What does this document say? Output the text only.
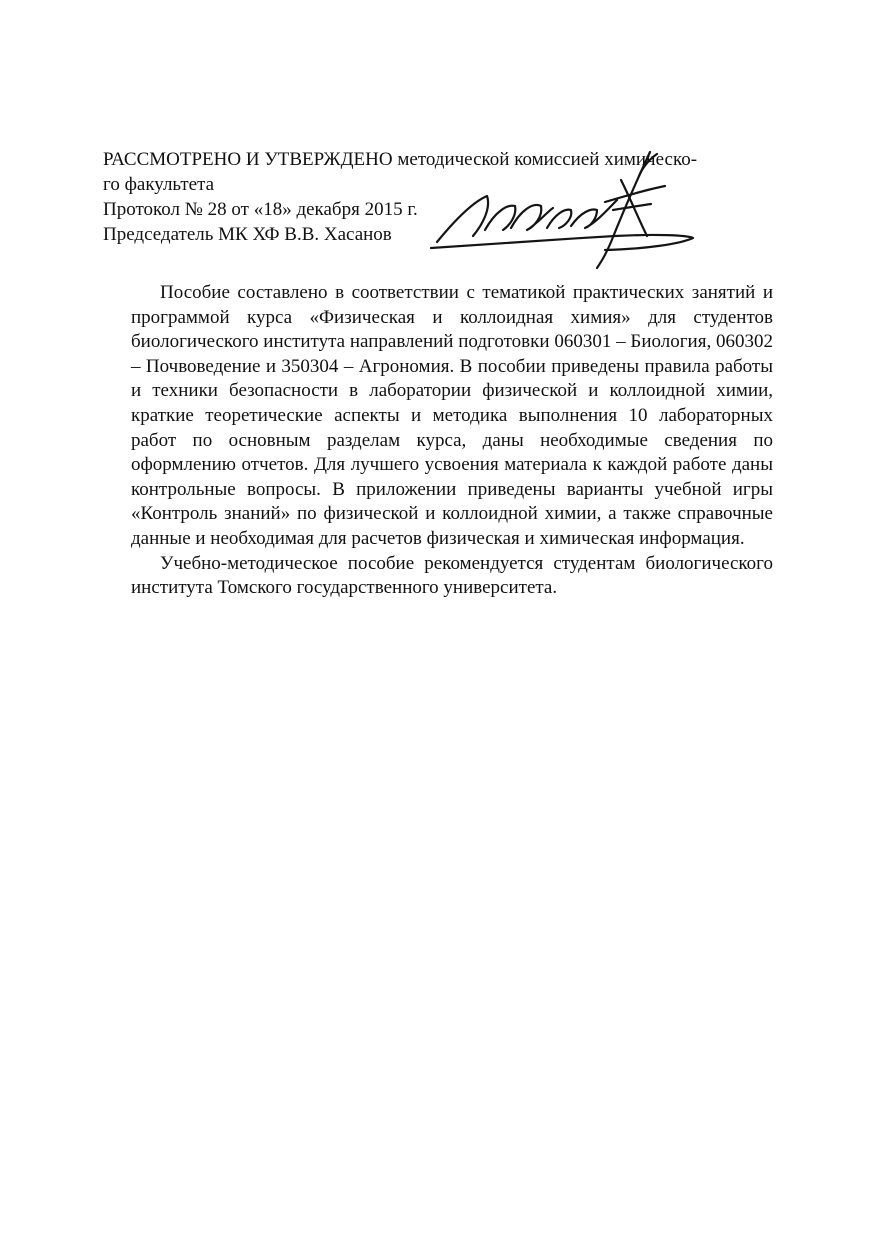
РАССМОТРЕНО И УТВЕРЖДЕНО методической комиссией химическо-
го факультета
Протокол № 28 от «18» декабря 2015 г.
Председатель МК ХФ В.В. Хасанов

Пособие составлено в соответствии с тематикой практических занятий и программой курса «Физическая и коллоидная химия» для студентов биологического института направлений подготовки 060301 – Биология, 060302 – Почвоведение и 350304 – Агрономия. В пособии приведены правила работы и техники безопасности в лаборатории физической и коллоидной химии, краткие теоретические аспекты и методика выполнения 10 лабораторных работ по основным разделам курса, даны необходимые сведения по оформлению отчетов. Для лучшего усвоения материала к каждой работе даны контрольные вопросы. В приложении приведены варианты учебной игры «Контроль знаний» по физической и коллоидной химии, а также справочные данные и необходимая для расчетов физическая и химическая информация.

Учебно-методическое пособие рекомендуется студентам биологического института Томского государственного университета.
